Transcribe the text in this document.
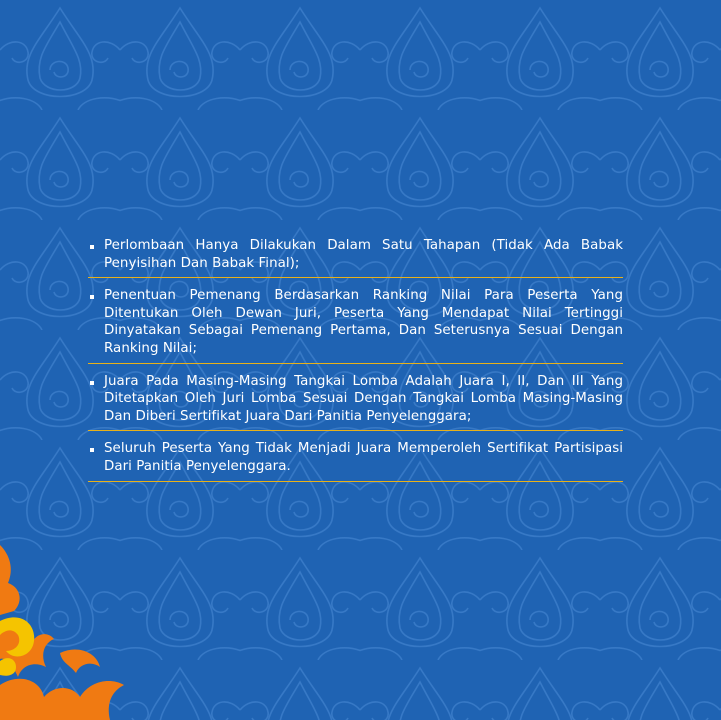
Perlombaan Hanya Dilakukan Dalam Satu Tahapan (Tidak Ada Babak Penyisihan Dan Babak Final);
Penentuan Pemenang Berdasarkan Ranking Nilai Para Peserta Yang Ditentukan Oleh Dewan Juri, Peserta Yang Mendapat Nilai Tertinggi Dinyatakan Sebagai Pemenang Pertama, Dan Seterusnya Sesuai Dengan Ranking Nilai;
Juara Pada Masing-Masing Tangkai Lomba Adalah Juara I, II, Dan III Yang Ditetapkan Oleh Juri Lomba Sesuai Dengan Tangkai Lomba Masing-Masing Dan Diberi Sertifikat Juara Dari Panitia Penyelenggara;
Seluruh Peserta Yang Tidak Menjadi Juara Memperoleh Sertifikat Partisipasi Dari Panitia Penyelenggara.
